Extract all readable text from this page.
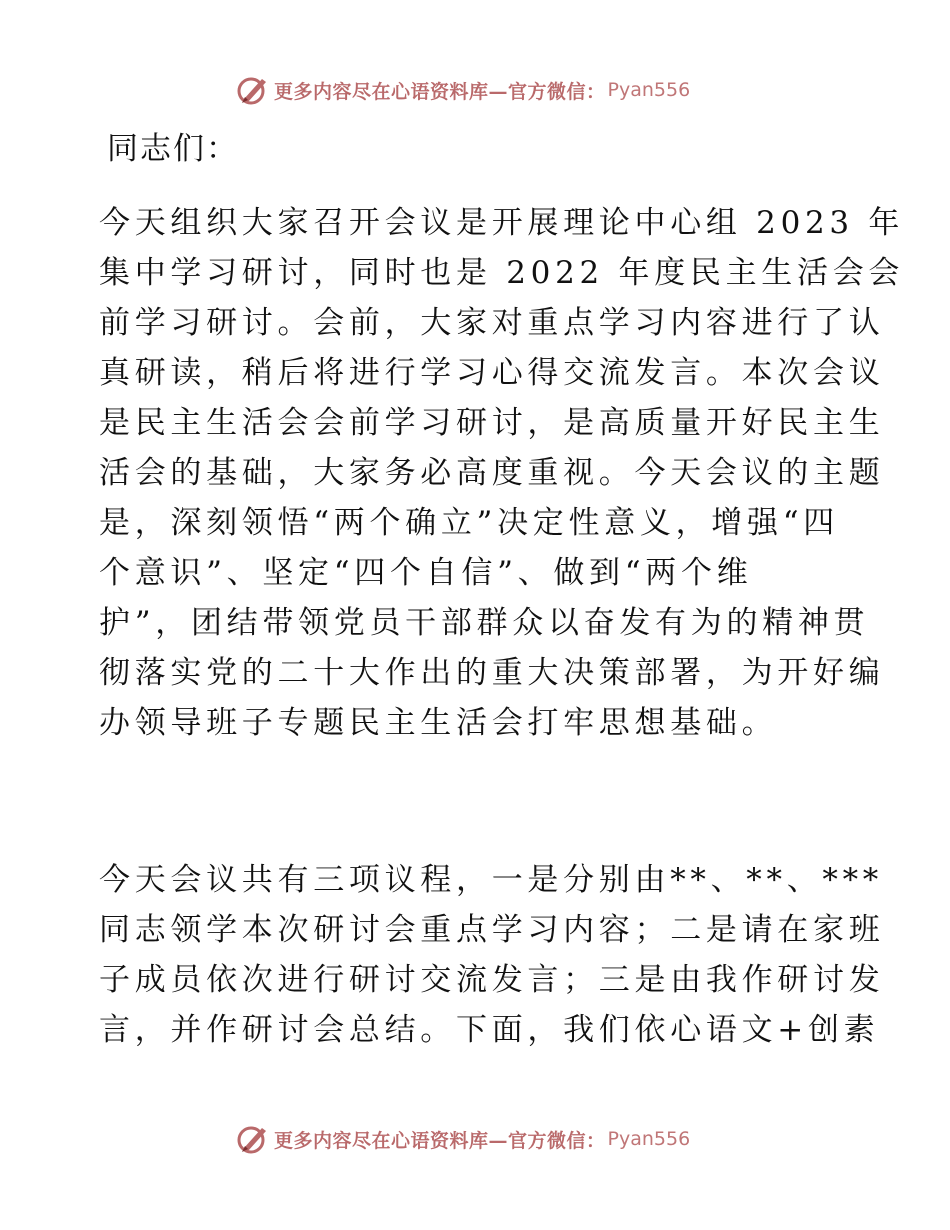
更多内容尽在心语资料库—官方微信： Pyan556
同志们：
今天组织大家召开会议是开展理论中心组 2023 年
集中学习研讨，同时也是 2022 年度民主生活会会
前学习研讨。会前，大家对重点学习内容进行了认
真研读，稍后将进行学习心得交流发言。本次会议
是民主生活会会前学习研讨，是高质量开好民主生
活会的基础，大家务必高度重视。今天会议的主题
是，深刻领悟“两个确立”决定性意义，增强“四
个意识”、坚定“四个自信”、做到“两个维
护”，团结带领党员干部群众以奋发有为的精神贯
彻落实党的二十大作出的重大决策部署，为开好编
办领导班子专题民主生活会打牢思想基础。
今天会议共有三项议程，一是分别由**、**、***
同志领学本次研讨会重点学习内容；二是请在家班
子成员依次进行研讨交流发言；三是由我作研讨发
言，并作研讨会总结。下面，我们依心语文+创素
更多内容尽在心语资料库—官方微信： Pyan556
